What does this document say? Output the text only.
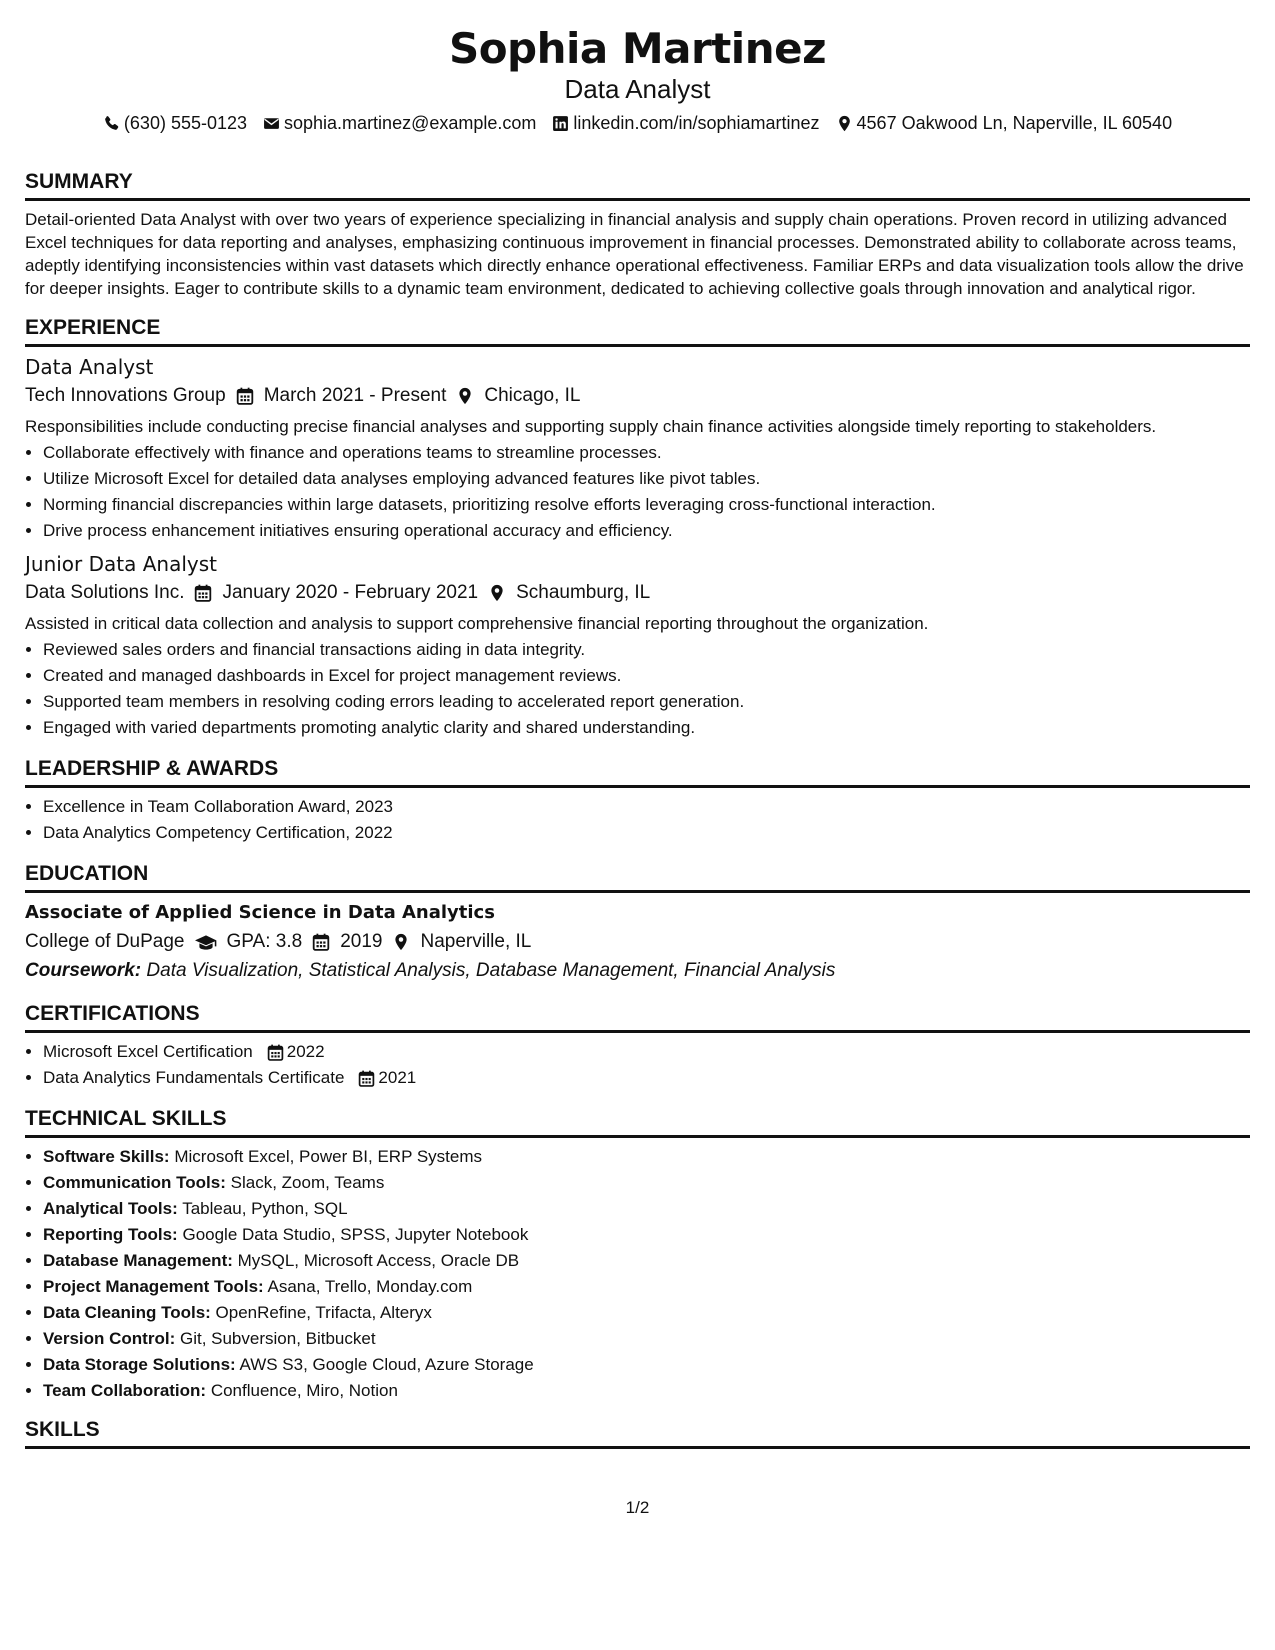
Sophia Martinez
Data Analyst
(630) 555-0123 sophia.martinez@example.com linkedin.com/in/sophiamartinez 4567 Oakwood Ln, Naperville, IL 60540
SUMMARY
Detail-oriented Data Analyst with over two years of experience specializing in financial analysis and supply chain operations. Proven record in utilizing advanced Excel techniques for data reporting and analyses, emphasizing continuous improvement in financial processes. Demonstrated ability to collaborate across teams, adeptly identifying inconsistencies within vast datasets which directly enhance operational effectiveness. Familiar ERPs and data visualization tools allow the drive for deeper insights. Eager to contribute skills to a dynamic team environment, dedicated to achieving collective goals through innovation and analytical rigor.
EXPERIENCE
Data Analyst
Tech Innovations Group March 2021 - Present Chicago, IL
Responsibilities include conducting precise financial analyses and supporting supply chain finance activities alongside timely reporting to stakeholders.
• Collaborate effectively with finance and operations teams to streamline processes.
• Utilize Microsoft Excel for detailed data analyses employing advanced features like pivot tables.
• Norming financial discrepancies within large datasets, prioritizing resolve efforts leveraging cross-functional interaction.
• Drive process enhancement initiatives ensuring operational accuracy and efficiency.
Junior Data Analyst
Data Solutions Inc. January 2020 - February 2021 Schaumburg, IL
Assisted in critical data collection and analysis to support comprehensive financial reporting throughout the organization.
• Reviewed sales orders and financial transactions aiding in data integrity.
• Created and managed dashboards in Excel for project management reviews.
• Supported team members in resolving coding errors leading to accelerated report generation.
• Engaged with varied departments promoting analytic clarity and shared understanding.
LEADERSHIP & AWARDS
• Excellence in Team Collaboration Award, 2023
• Data Analytics Competency Certification, 2022
EDUCATION
Associate of Applied Science in Data Analytics
College of DuPage GPA: 3.8 2019 Naperville, IL
Coursework: Data Visualization, Statistical Analysis, Database Management, Financial Analysis
CERTIFICATIONS
• Microsoft Excel Certification 2022
• Data Analytics Fundamentals Certificate 2021
TECHNICAL SKILLS
• Software Skills: Microsoft Excel, Power BI, ERP Systems
• Communication Tools: Slack, Zoom, Teams
• Analytical Tools: Tableau, Python, SQL
• Reporting Tools: Google Data Studio, SPSS, Jupyter Notebook
• Database Management: MySQL, Microsoft Access, Oracle DB
• Project Management Tools: Asana, Trello, Monday.com
• Data Cleaning Tools: OpenRefine, Trifacta, Alteryx
• Version Control: Git, Subversion, Bitbucket
• Data Storage Solutions: AWS S3, Google Cloud, Azure Storage
• Team Collaboration: Confluence, Miro, Notion
SKILLS
1/2
